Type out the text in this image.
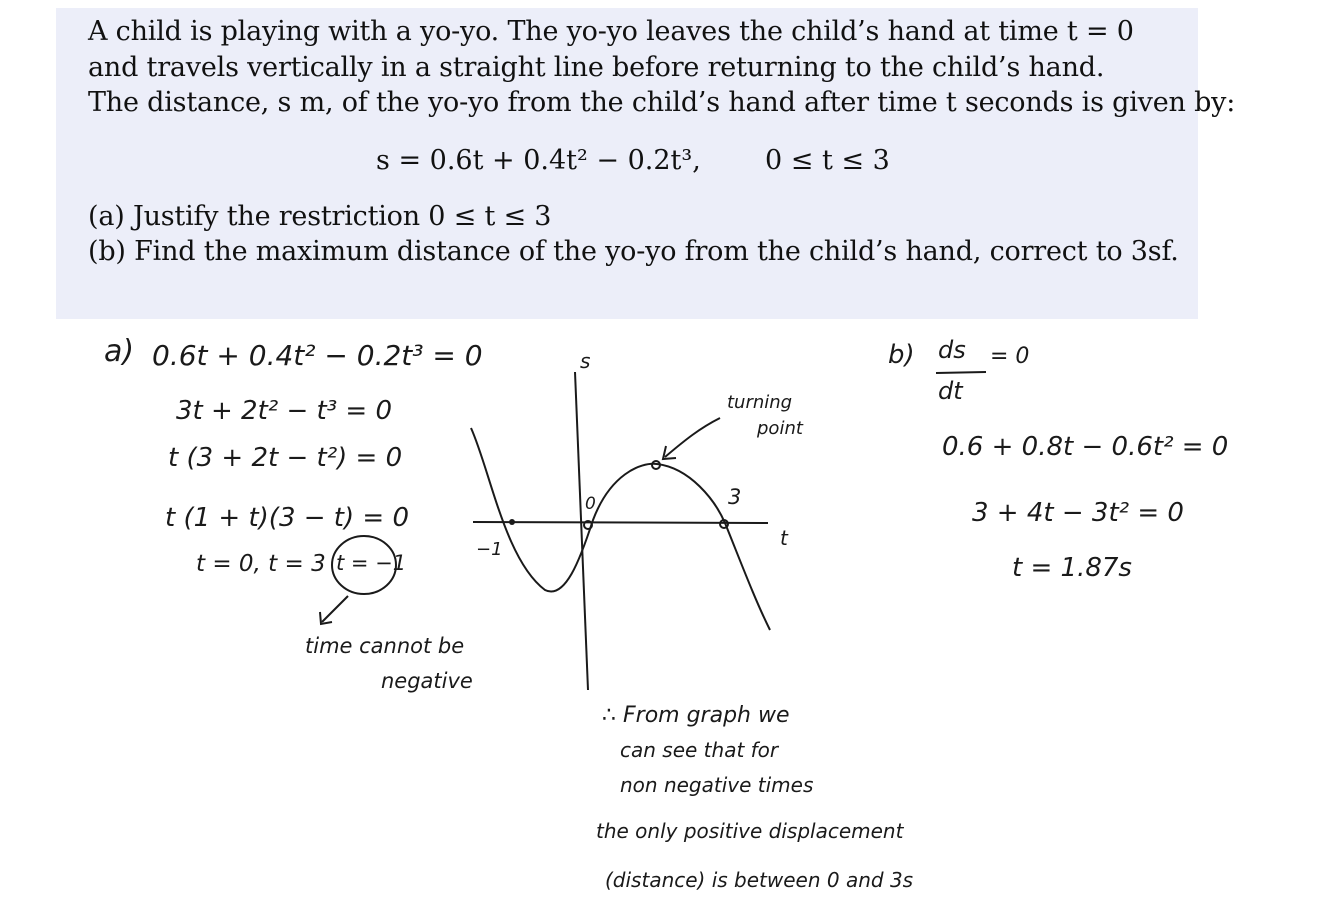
A child is playing with a yo-yo. The yo-yo leaves the child’s hand at time t = 0
and travels vertically in a straight line before returning to the child’s hand.
The distance, s m, of the yo-yo from the child’s hand after time t seconds is given by:
s = 0.6t + 0.4t² − 0.2t³, 0 ≤ t ≤ 3
(a) Justify the restriction 0 ≤ t ≤ 3
(b) Find the maximum distance of the yo-yo from the child’s hand, correct to 3sf.
a) 0.6t + 0.4t² − 0.2t³ = 0
3t + 2t² − t³ = 0
t (3 + 2t − t²) = 0
t (1 + t)(3 − t) = 0
t = 0, t = 3 t = −1
time cannot be
negative
s
t
−1
0	3
turning
point
∴ From graph we
can see that for
non negative times
the only positive displacement
(distance) is between 0 and 3s
b) ds
dt
= 0
0.6 + 0.8t − 0.6t² = 0
3 + 4t − 3t² = 0
t = 1.87s
